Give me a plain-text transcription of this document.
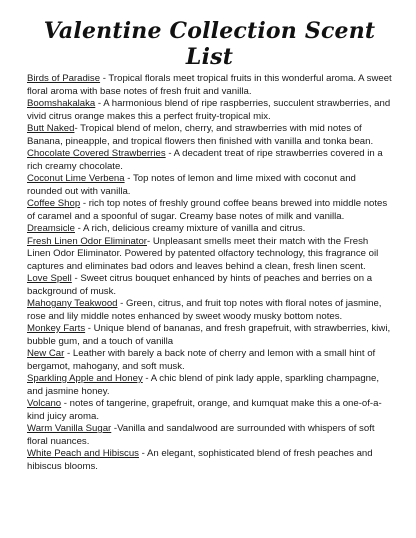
Valentine Collection Scent List

Birds of Paradise - Tropical florals meet tropical fruits in this wonderful aroma. A sweet floral aroma with base notes of fresh fruit and vanilla.

Boomshakalaka - A harmonious blend of ripe raspberries, succulent strawberries, and vivid citrus orange makes this a perfect fruity-tropical mix.

Butt Naked- Tropical blend of melon, cherry, and strawberries with mid notes of Banana, pineapple, and tropical flowers then finished with vanilla and tonka bean.

Chocolate Covered Strawberries - A decadent treat of ripe strawberries covered in a rich creamy chocolate.

Coconut Lime Verbena - Top notes of lemon and lime mixed with coconut and rounded out with vanilla.

Coffee Shop - rich top notes of freshly ground coffee beans brewed into middle notes of caramel and a spoonful of sugar. Creamy base notes of milk and vanilla.

Dreamsicle - A rich, delicious creamy mixture of vanilla and citrus.

Fresh Linen Odor Eliminator- Unpleasant smells meet their match with the Fresh Linen Odor Eliminator. Powered by patented olfactory technology, this fragrance oil captures and eliminates bad odors and leaves behind a clean, fresh linen scent.

Love Spell - Sweet citrus bouquet enhanced by hints of peaches and berries on a background of musk.

Mahogany Teakwood - Green, citrus, and fruit top notes with floral notes of jasmine, rose and lily middle notes enhanced by sweet woody musky bottom notes.

Monkey Farts - Unique blend of bananas, and fresh grapefruit, with strawberries, kiwi, bubble gum, and a touch of vanilla

New Car - Leather with barely a back note of cherry and lemon with a small hint of bergamot, mahogany, and soft musk.

Sparkling Apple and Honey - A chic blend of pink lady apple, sparkling champagne, and jasmine honey.

Volcano - notes of tangerine, grapefruit, orange, and kumquat make this a one-of-a-kind juicy aroma.

Warm Vanilla Sugar -Vanilla and sandalwood are surrounded with whispers of soft floral nuances.

White Peach and Hibiscus - An elegant, sophisticated blend of fresh peaches and hibiscus blooms.
